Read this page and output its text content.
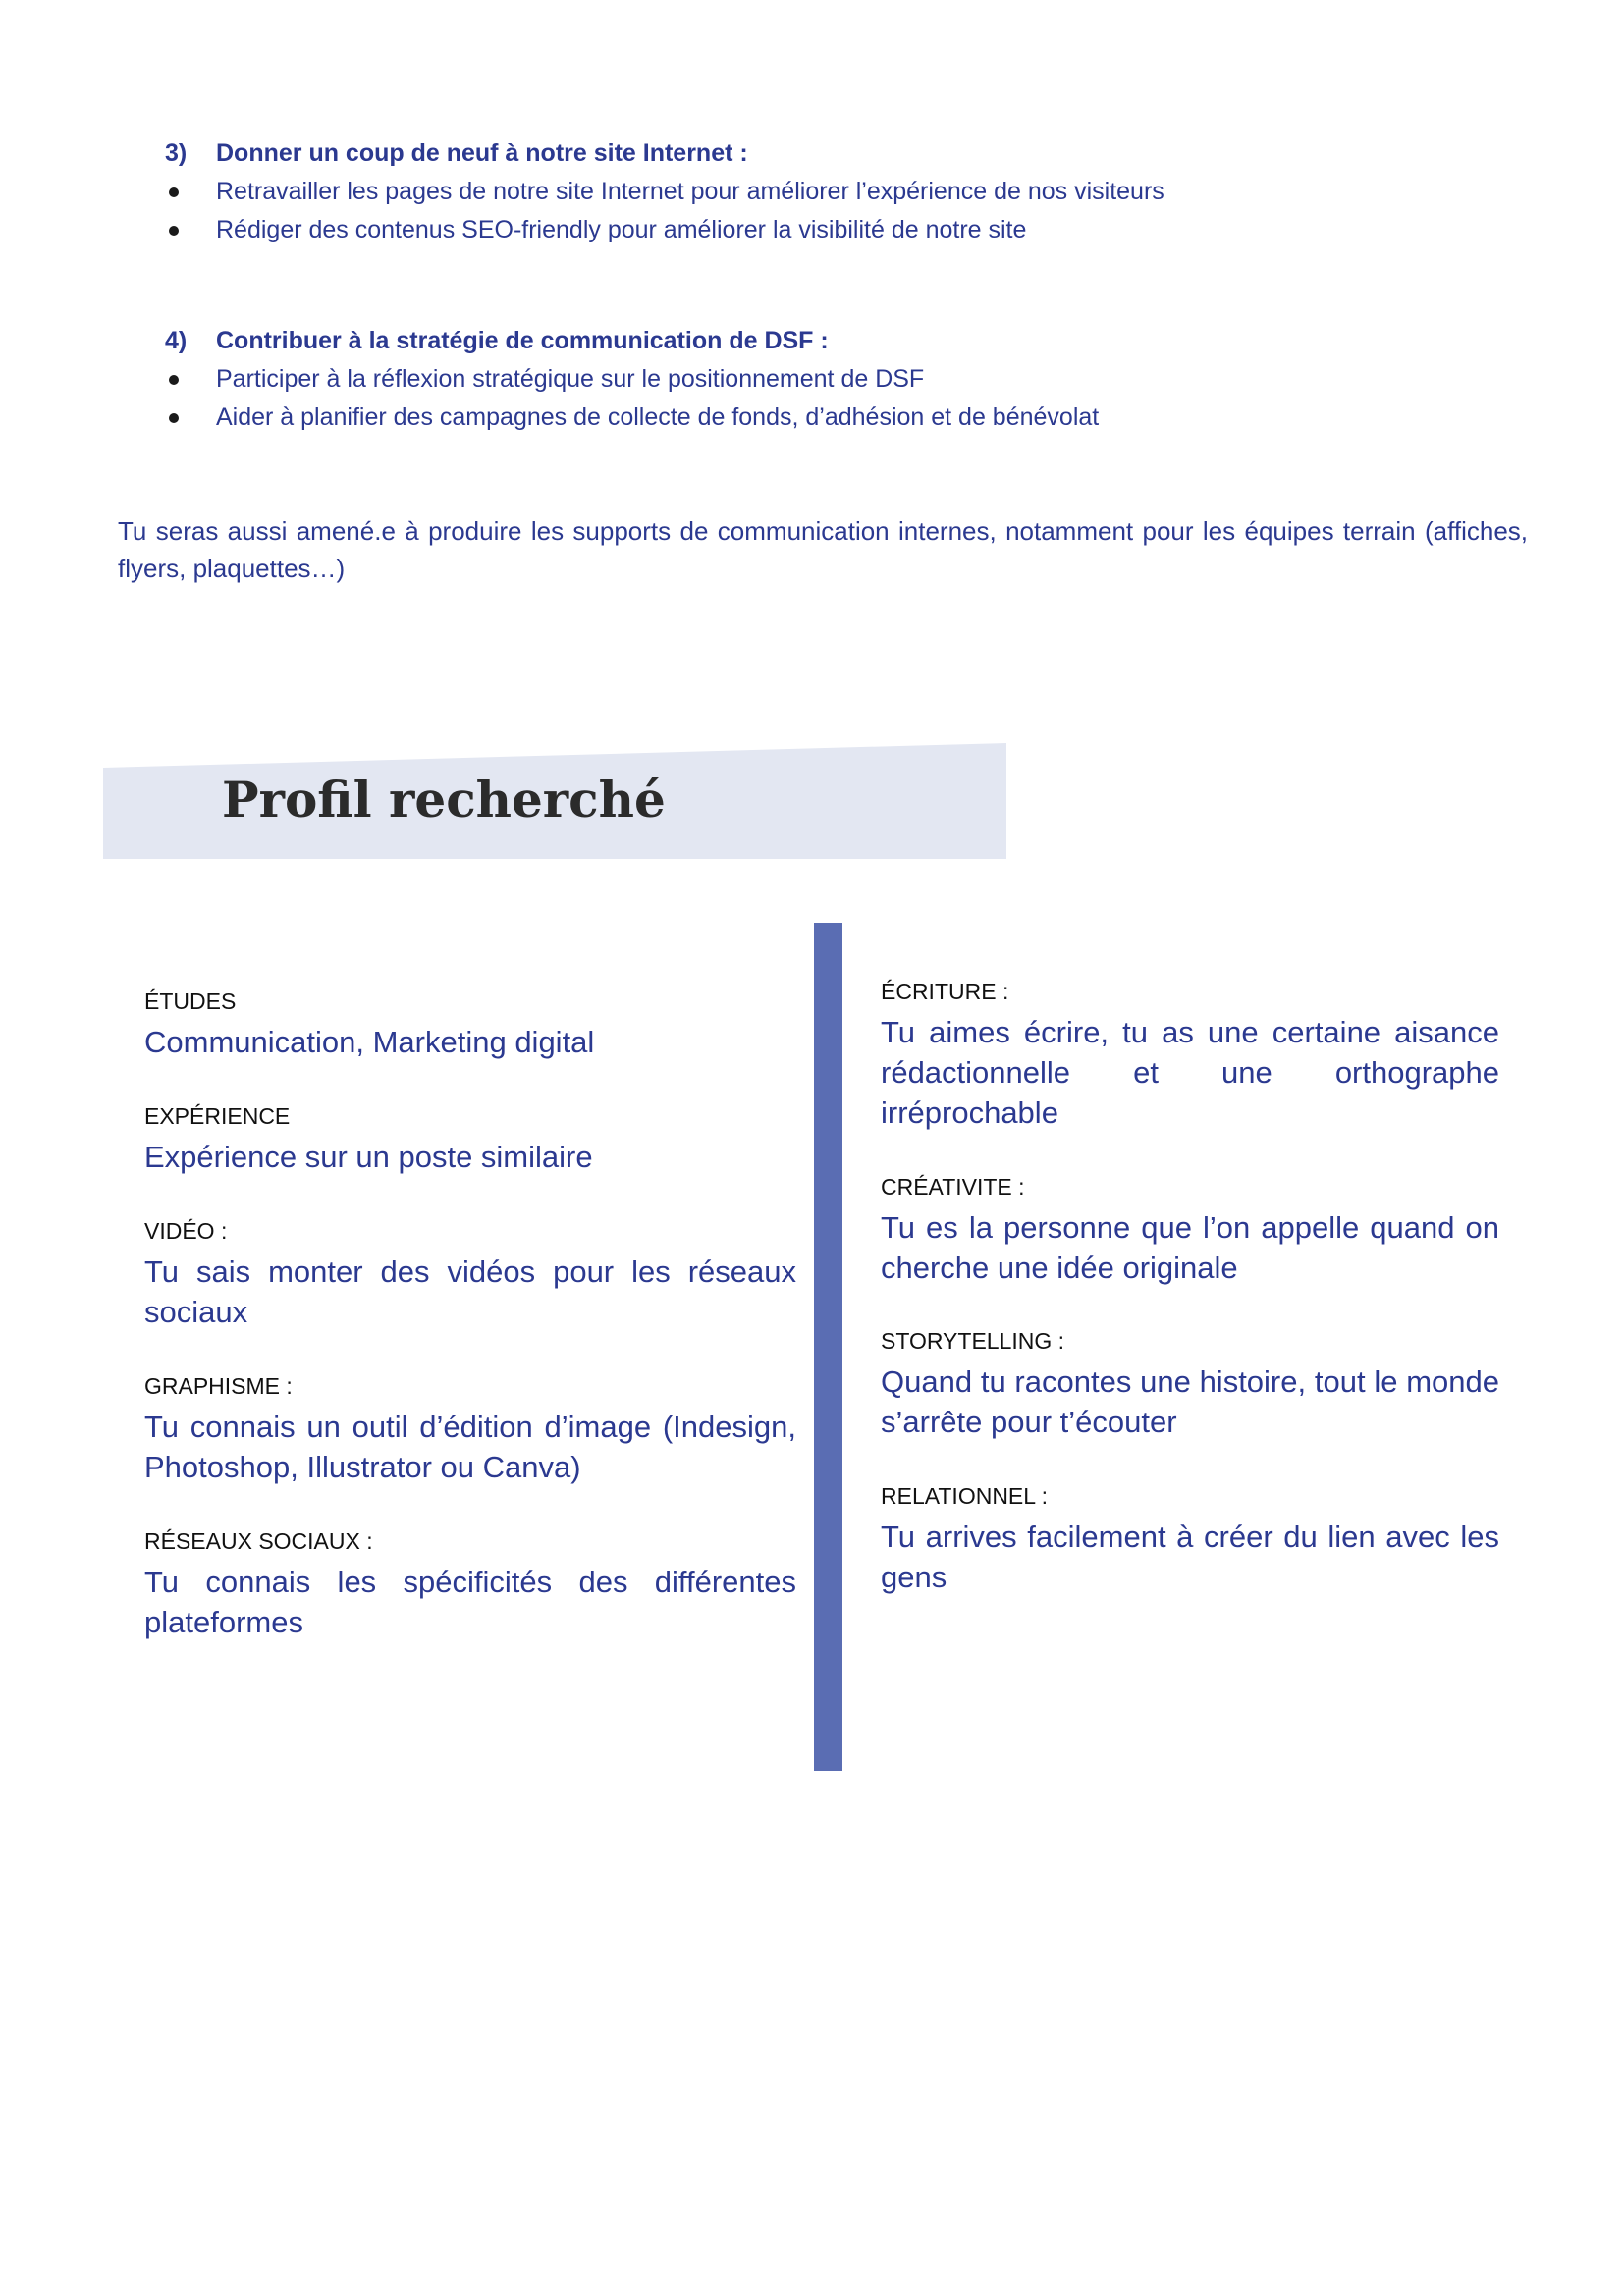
3)	Donner un coup de neuf à notre site Internet :
Retravailler les pages de notre site Internet pour améliorer l’expérience de nos visiteurs
Rédiger des contenus SEO-friendly pour améliorer la visibilité de notre site
4)	Contribuer à la stratégie de communication de DSF :
Participer à la réflexion stratégique sur le positionnement de DSF
Aider à planifier des campagnes de collecte de fonds, d’adhésion et de bénévolat
Tu seras aussi amené.e à produire les supports de communication internes, notamment pour les équipes terrain (affiches, flyers, plaquettes…)
Profil recherché
ÉTUDES
Communication, Marketing digital
EXPÉRIENCE
Expérience sur un poste similaire
VIDÉO :
Tu sais monter des vidéos pour les réseaux sociaux
GRAPHISME :
Tu connais un outil d’édition d’image (Indesign, Photoshop, Illustrator ou Canva)
RÉSEAUX SOCIAUX :
Tu connais les spécificités des différentes plateformes
ÉCRITURE :
Tu aimes écrire, tu as une certaine aisance rédactionnelle et une orthographe irréprochable
CRÉATIVITE :
Tu es la personne que l’on appelle quand on cherche une idée originale
STORYTELLING :
Quand tu racontes une histoire, tout le monde s’arrête pour t’écouter
RELATIONNEL :
Tu arrives facilement à créer du lien avec les gens
